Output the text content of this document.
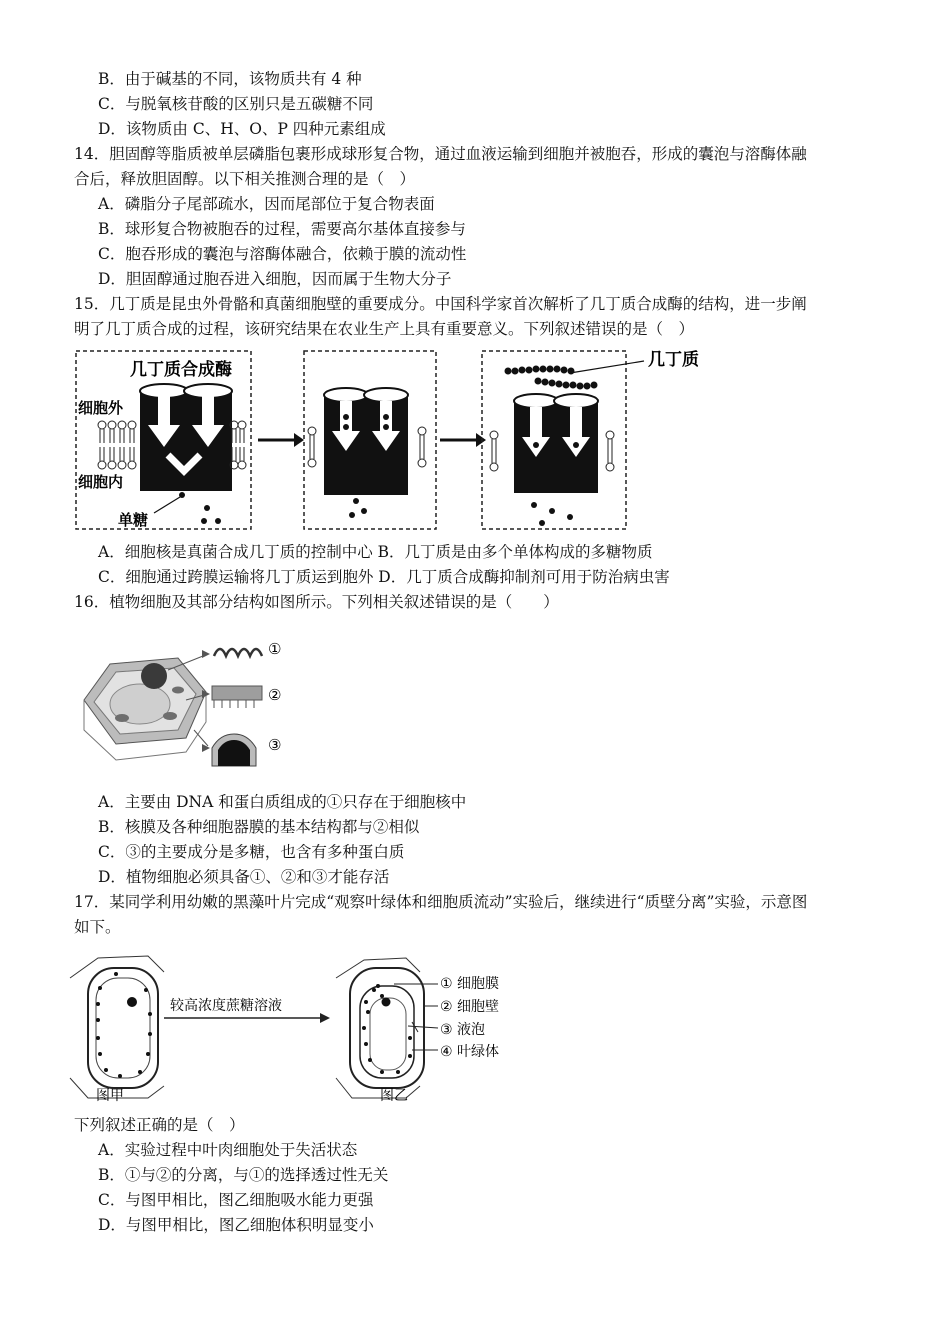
B．由于碱基的不同，该物质共有 4 种
C．与脱氧核苷酸的区别只是五碳糖不同
D．该物质由 C、H、O、P 四种元素组成
14．胆固醇等脂质被单层磷脂包裹形成球形复合物，通过血液运输到细胞并被胞吞，形成的囊泡与溶酶体融
合后，释放胆固醇。以下相关推测合理的是（　）
A．磷脂分子尾部疏水，因而尾部位于复合物表面
B．球形复合物被胞吞的过程，需要高尔基体直接参与
C．胞吞形成的囊泡与溶酶体融合，依赖于膜的流动性
D．胆固醇通过胞吞进入细胞，因而属于生物大分子
15．几丁质是昆虫外骨骼和真菌细胞壁的重要成分。中国科学家首次解析了几丁质合成酶的结构，进一步阐
明了几丁质合成的过程，该研究结果在农业生产上具有重要意义。下列叙述错误的是（　）
几丁质合成酶
细胞外
细胞内
单糖
几丁质
A．细胞核是真菌合成几丁质的控制中心 B．几丁质是由多个单体构成的多糖物质
C．细胞通过跨膜运输将几丁质运到胞外 D．几丁质合成酶抑制剂可用于防治病虫害
16．植物细胞及其部分结构如图所示。下列相关叙述错误的是（　　）
①
②
③
A．主要由 DNA 和蛋白质组成的①只存在于细胞核中
B．核膜及各种细胞器膜的基本结构都与②相似
C．③的主要成分是多糖，也含有多种蛋白质
D．植物细胞必须具备①、②和③才能存活
17．某同学利用幼嫩的黑藻叶片完成“观察叶绿体和细胞质流动”实验后，继续进行“质壁分离”实验，示意图
如下。
图甲
较高浓度蔗糖溶液
图乙
① 细胞膜
② 细胞壁
③ 液泡
④ 叶绿体
下列叙述正确的是（　）
A．实验过程中叶肉细胞处于失活状态
B．①与②的分离，与①的选择透过性无关
C．与图甲相比，图乙细胞吸水能力更强
D．与图甲相比，图乙细胞体积明显变小
